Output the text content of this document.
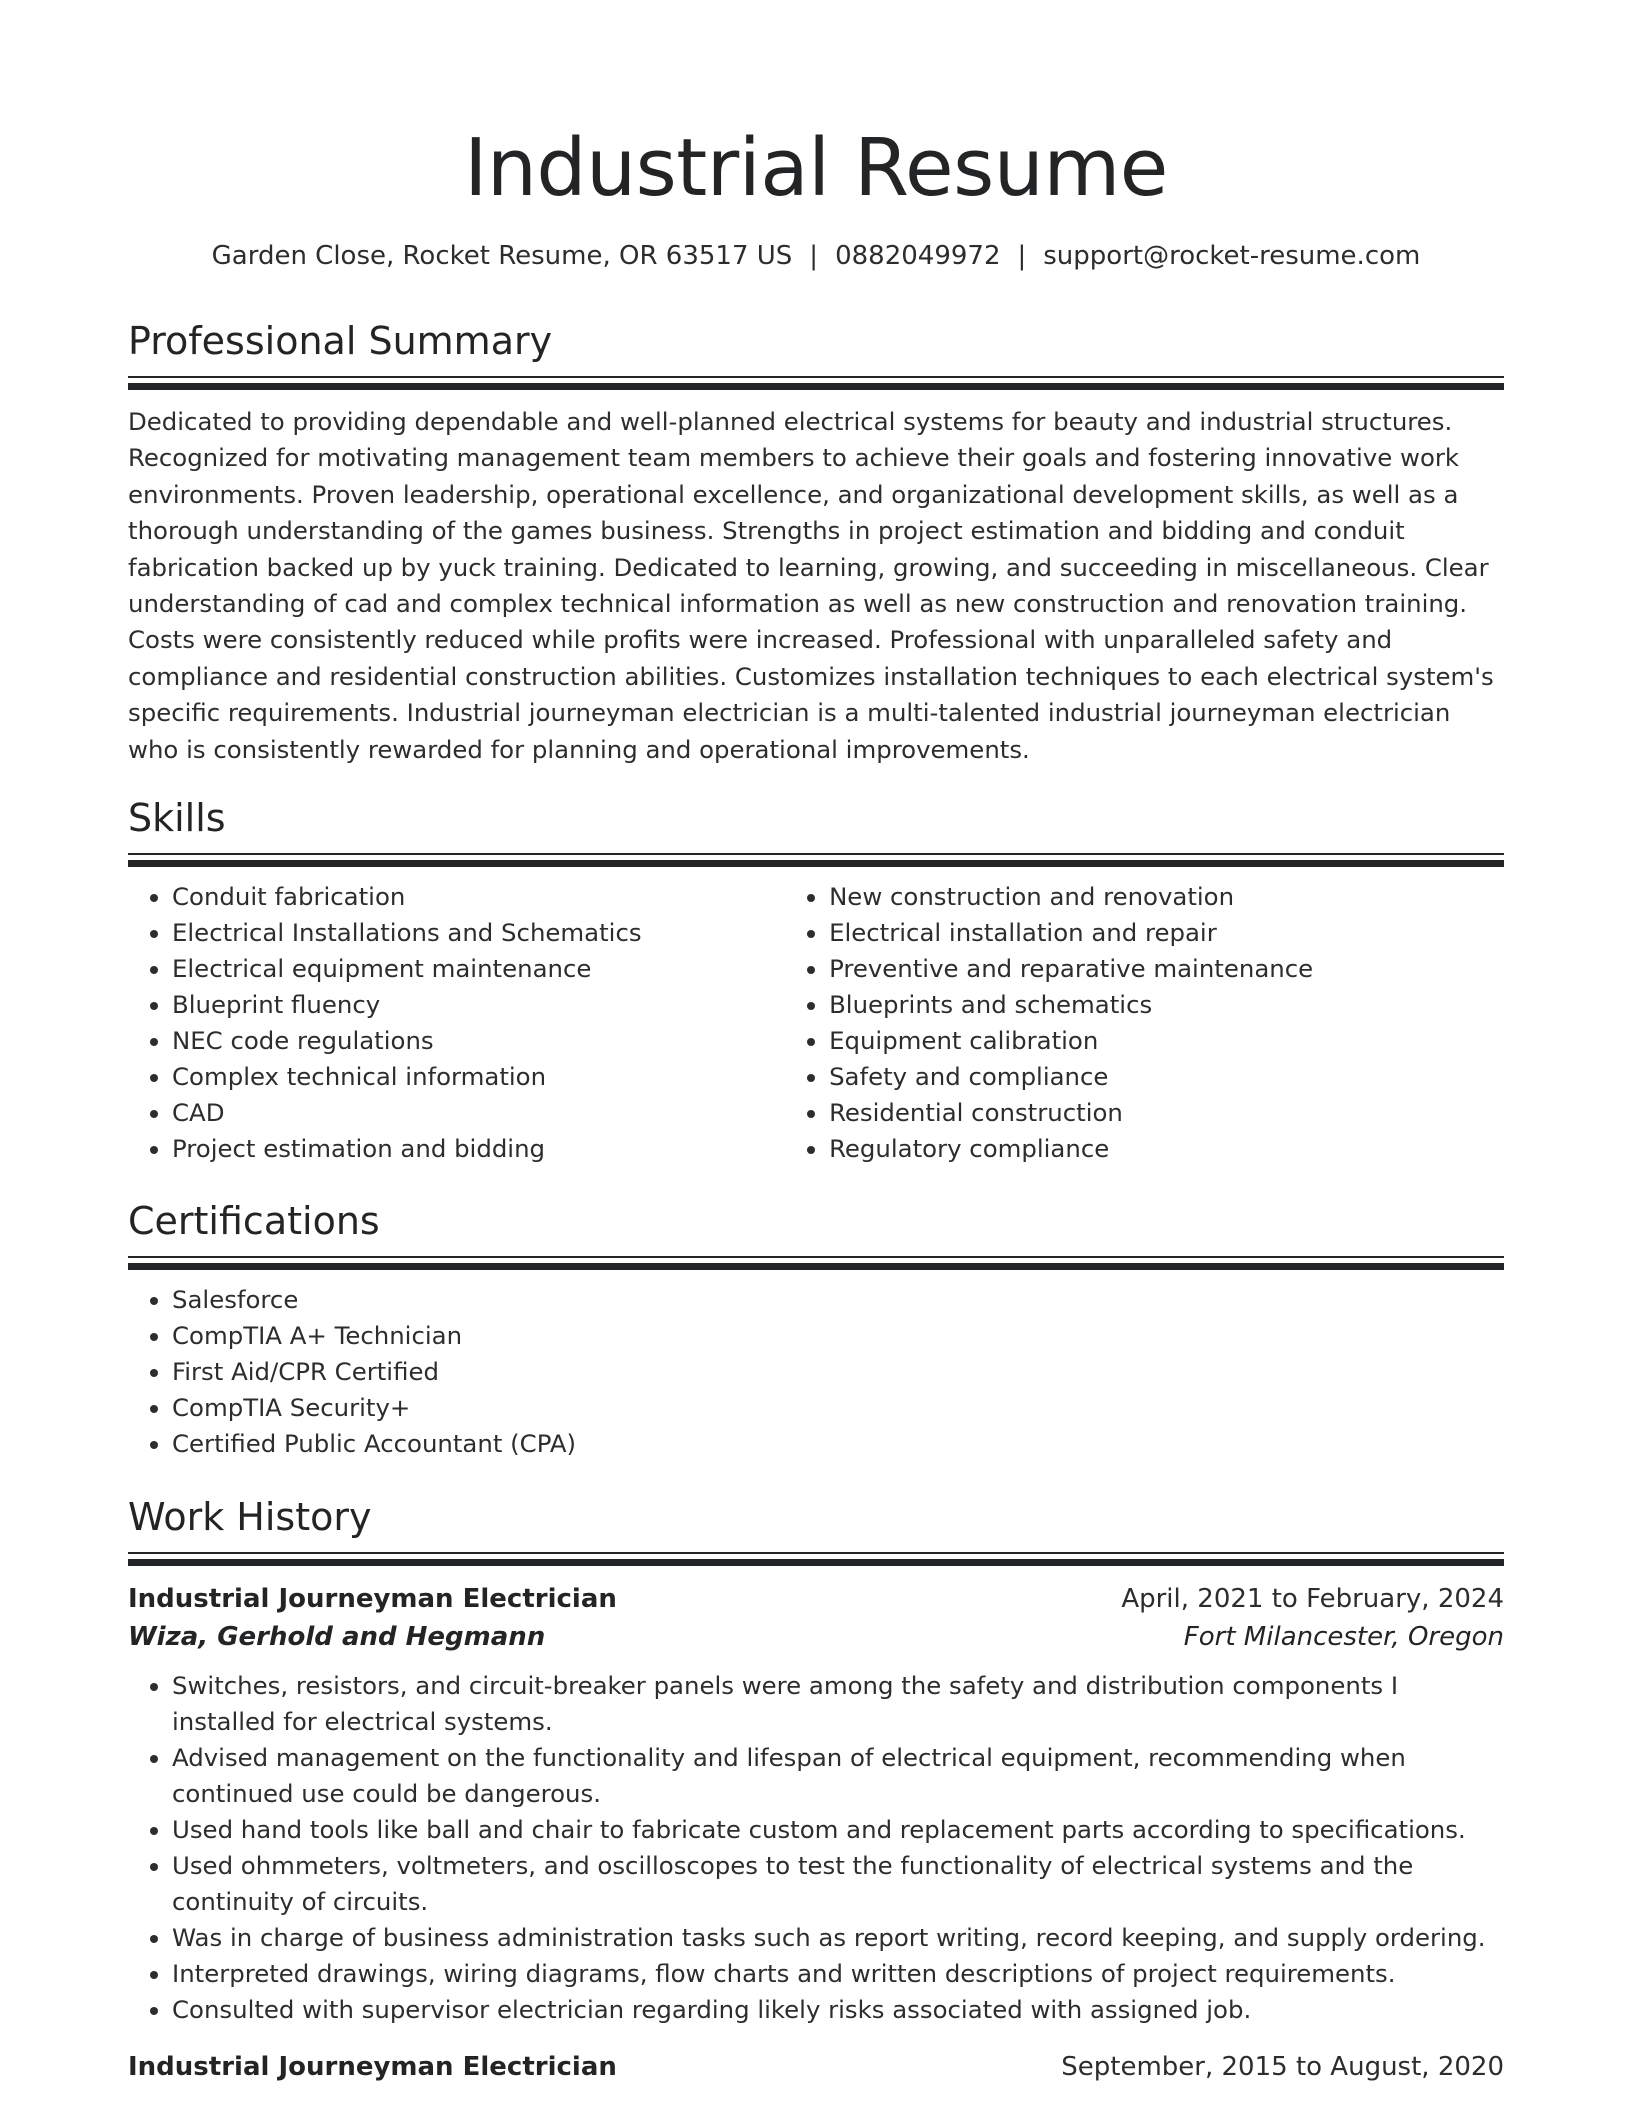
Industrial Resume
Garden Close, Rocket Resume, OR 63517 US | 0882049972 | support@rocket-resume.com
Professional Summary
Dedicated to providing dependable and well-planned electrical systems for beauty and industrial structures. Recognized for motivating management team members to achieve their goals and fostering innovative work environments. Proven leadership, operational excellence, and organizational development skills, as well as a thorough understanding of the games business. Strengths in project estimation and bidding and conduit fabrication backed up by yuck training. Dedicated to learning, growing, and succeeding in miscellaneous. Clear understanding of cad and complex technical information as well as new construction and renovation training. Costs were consistently reduced while profits were increased. Professional with unparalleled safety and compliance and residential construction abilities. Customizes installation techniques to each electrical system's specific requirements. Industrial journeyman electrician is a multi-talented industrial journeyman electrician who is consistently rewarded for planning and operational improvements.
Skills
• Conduit fabrication
• Electrical Installations and Schematics
• Electrical equipment maintenance
• Blueprint fluency
• NEC code regulations
• Complex technical information
• CAD
• Project estimation and bidding
• New construction and renovation
• Electrical installation and repair
• Preventive and reparative maintenance
• Blueprints and schematics
• Equipment calibration
• Safety and compliance
• Residential construction
• Regulatory compliance
Certifications
• Salesforce
• CompTIA A+ Technician
• First Aid/CPR Certified
• CompTIA Security+
• Certified Public Accountant (CPA)
Work History
Industrial Journeyman Electrician	April, 2021 to February, 2024
Wiza, Gerhold and Hegmann	Fort Milancester, Oregon
• Switches, resistors, and circuit-breaker panels were among the safety and distribution components I installed for electrical systems.
• Advised management on the functionality and lifespan of electrical equipment, recommending when continued use could be dangerous.
• Used hand tools like ball and chair to fabricate custom and replacement parts according to specifications.
• Used ohmmeters, voltmeters, and oscilloscopes to test the functionality of electrical systems and the continuity of circuits.
• Was in charge of business administration tasks such as report writing, record keeping, and supply ordering.
• Interpreted drawings, wiring diagrams, flow charts and written descriptions of project requirements.
• Consulted with supervisor electrician regarding likely risks associated with assigned job.
Industrial Journeyman Electrician	September, 2015 to August, 2020
